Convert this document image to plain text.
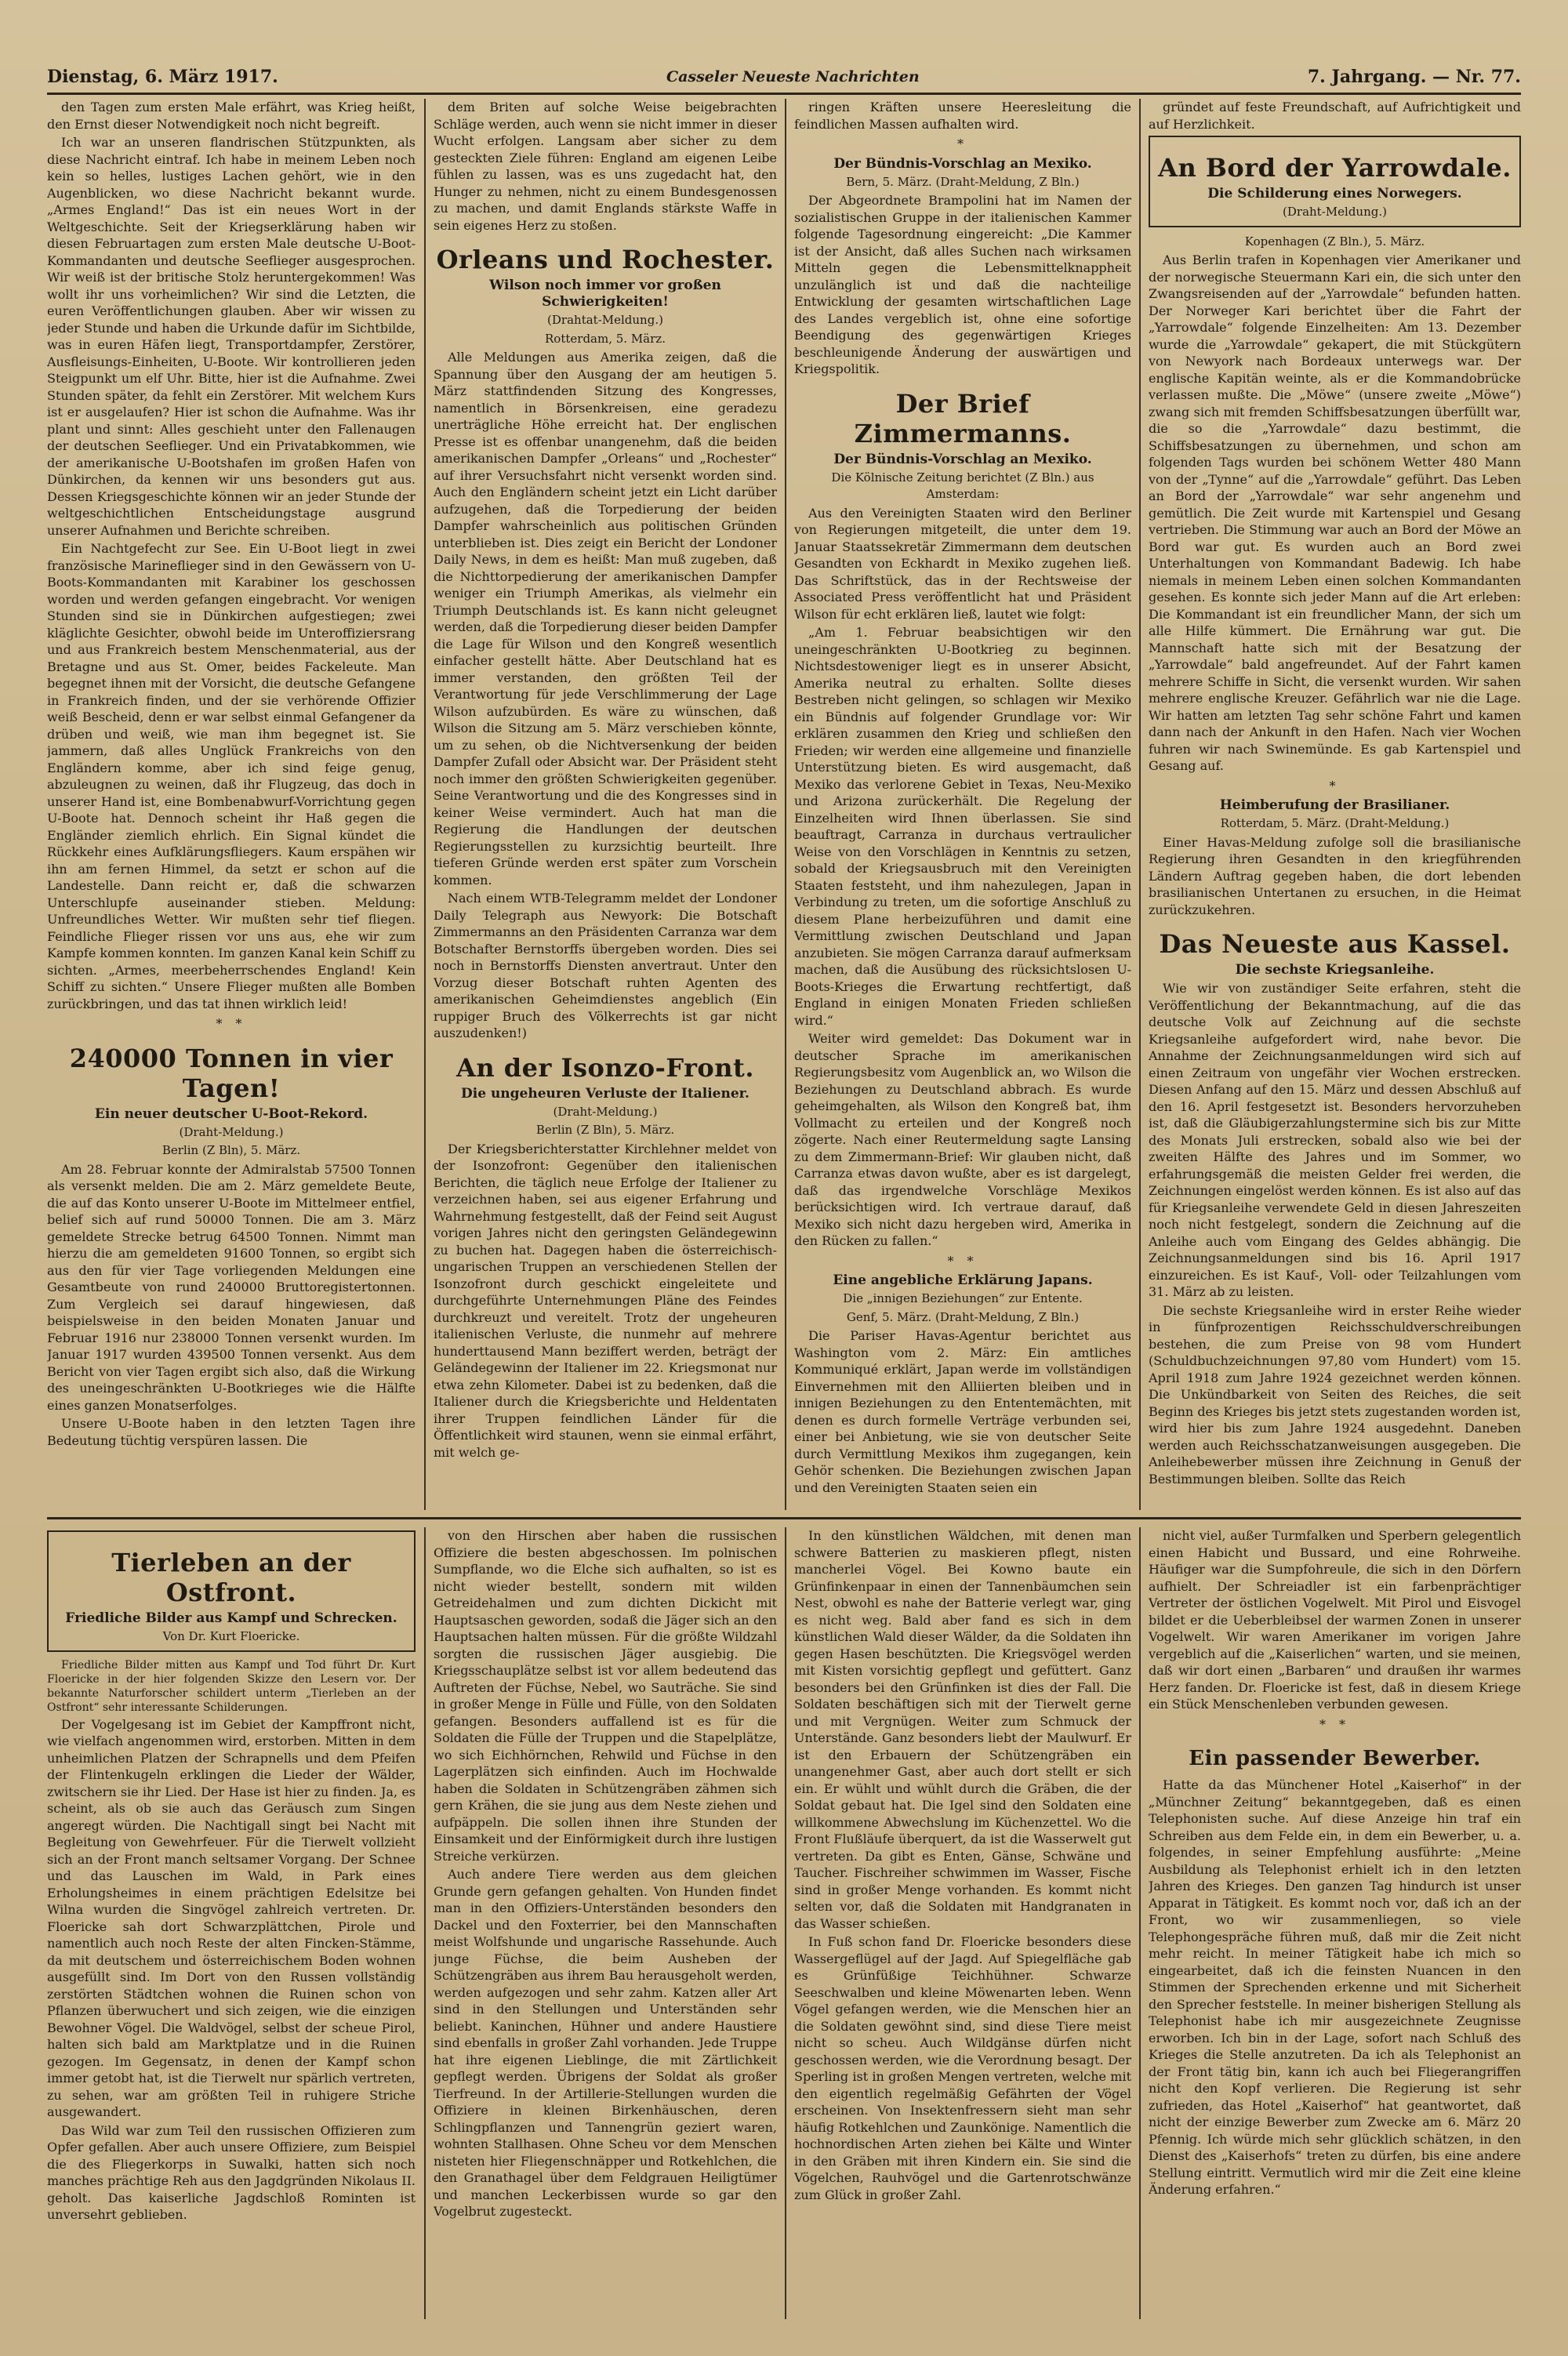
Dienstag, 6. März 1917.	Casseler Neueste Nachrichten	7. Jahrgang. — Nr. 77.

den Tagen zum ersten Male erfährt, was Krieg heißt, den Ernst dieser Notwendigkeit noch nicht begreift.

Ich war an unseren flandrischen Stützpunkten, als diese Nachricht eintraf. Ich habe in meinem Leben noch kein so helles, lustiges Lachen gehört, wie in den Augenblicken, wo diese Nachricht bekannt wurde. „Armes England!“ Das ist ein neues Wort in der Weltgeschichte. Seit der Kriegserklärung haben wir diesen Februartagen zum ersten Male deutsche U-Boot-Kommandanten und deutsche Seeflieger ausgesprochen. Wir weiß ist der britische Stolz heruntergekommen! Was wollt ihr uns vorheimlichen? Wir sind die Letzten, die euren Veröffentlichungen glauben. Aber wir wissen zu jeder Stunde und haben die Urkunde dafür im Sichtbilde, was in euren Häfen liegt, Transportdampfer, Zerstörer, Ausfleisungs-Einheiten, U-Boote. Wir kontrollieren jeden Steigpunkt um elf Uhr. Bitte, hier ist die Aufnahme. Zwei Stunden später, da fehlt ein Zerstörer. Mit welchem Kurs ist er ausgelaufen? Hier ist schon die Aufnahme. Was ihr plant und sinnt: Alles geschieht unter den Fallenaugen der deutschen Seeflieger. Und ein Privatabkommen, wie der amerikanische U-Bootshafen im großen Hafen von Dünkirchen, da kennen wir uns besonders gut aus. Dessen Kriegsgeschichte können wir an jeder Stunde der weltgeschichtlichen Entscheidungstage ausgrund unserer Aufnahmen und Berichte schreiben.

Ein Nachtgefecht zur See. Ein U-Boot liegt in zwei französische Marineflieger sind in den Gewässern von U-Boots-Kommandanten mit Karabiner los geschossen worden und werden gefangen eingebracht. Vor wenigen Stunden sind sie in Dünkirchen aufgestiegen; zwei kläglichte Gesichter, obwohl beide im Unteroffiziersrang und aus Frankreich bestem Menschenmaterial, aus der Bretagne und aus St. Omer, beides Fackeleute. Man begegnet ihnen mit der Vorsicht, die deutsche Gefangene in Frankreich finden, und der sie verhörende Offizier weiß Bescheid, denn er war selbst einmal Gefangener da drüben und weiß, wie man ihm begegnet ist. Sie jammern, daß alles Unglück Frankreichs von den Engländern komme, aber ich sind feige genug, abzuleugnen zu weinen, daß ihr Flugzeug, das doch in unserer Hand ist, eine Bombenabwurf-Vorrichtung gegen U-Boote hat. Dennoch scheint ihr Haß gegen die Engländer ziemlich ehrlich. Ein Signal kündet die Rückkehr eines Aufklärungsfliegers. Kaum erspähen wir ihn am fernen Himmel, da setzt er schon auf die Landestelle. Dann reicht er, daß die schwarzen Unterschlupfe auseinander stieben. Meldung: Unfreundliches Wetter. Wir mußten sehr tief fliegen. Feindliche Flieger rissen vor uns aus, ehe wir zum Kampfe kommen konnten. Im ganzen Kanal kein Schiff zu sichten. „Armes, meerbeherrschendes England! Kein Schiff zu sichten.“ Unsere Flieger mußten alle Bomben zurückbringen, und das tat ihnen wirklich leid!

* *
240000 Tonnen in vier Tagen!
Ein neuer deutscher U-Boot-Rekord.
(Draht-Meldung.)
Berlin (Z Bln), 5. März.

Am 28. Februar konnte der Admiralstab 57500 Tonnen als versenkt melden. Die am 2. März gemeldete Beute, die auf das Konto unserer U-Boote im Mittelmeer entfiel, belief sich auf rund 50000 Tonnen. Die am 3. März gemeldete Strecke betrug 64500 Tonnen. Nimmt man hierzu die am gemeldeten 91600 Tonnen, so ergibt sich aus den für vier Tage vorliegenden Meldungen eine Gesamtbeute von rund 240000 Bruttoregistertonnen. Zum Vergleich sei darauf hingewiesen, daß beispielsweise in den beiden Monaten Januar und Februar 1916 nur 238000 Tonnen versenkt wurden. Im Januar 1917 wurden 439500 Tonnen versenkt. Aus dem Bericht von vier Tagen ergibt sich also, daß die Wirkung des uneingeschränkten U-Bootkrieges wie die Hälfte eines ganzen Monatserfolges.

Unsere U-Boote haben in den letzten Tagen ihre Bedeutung tüchtig verspüren lassen. Die

dem Briten auf solche Weise beigebrachten Schläge werden, auch wenn sie nicht immer in dieser Wucht erfolgen. Langsam aber sicher zu dem gesteckten Ziele führen: England am eigenen Leibe fühlen zu lassen, was es uns zugedacht hat, den Hunger zu nehmen, nicht zu einem Bundesgenossen zu machen, und damit Englands stärkste Waffe in sein eigenes Herz zu stoßen.

Orleans und Rochester.
Wilson noch immer vor großen Schwierigkeiten!
(Drahtat-Meldung.)
Rotterdam, 5. März.

Alle Meldungen aus Amerika zeigen, daß die Spannung über den Ausgang der am heutigen 5. März stattfindenden Sitzung des Kongresses, namentlich in Börsenkreisen, eine geradezu unerträgliche Höhe erreicht hat. Der englischen Presse ist es offenbar unangenehm, daß die beiden amerikanischen Dampfer „Orleans“ und „Rochester“ auf ihrer Versuchsfahrt nicht versenkt worden sind. Auch den Engländern scheint jetzt ein Licht darüber aufzugehen, daß die Torpedierung der beiden Dampfer wahrscheinlich aus politischen Gründen unterblieben ist. Dies zeigt ein Bericht der Londoner Daily News, in dem es heißt: Man muß zugeben, daß die Nichttorpedierung der amerikanischen Dampfer weniger ein Triumph Amerikas, als vielmehr ein Triumph Deutschlands ist. Es kann nicht geleugnet werden, daß die Torpedierung dieser beiden Dampfer die Lage für Wilson und den Kongreß wesentlich einfacher gestellt hätte. Aber Deutschland hat es immer verstanden, den größten Teil der Verantwortung für jede Verschlimmerung der Lage Wilson aufzubürden. Es wäre zu wünschen, daß Wilson die Sitzung am 5. März verschieben könnte, um zu sehen, ob die Nichtversenkung der beiden Dampfer Zufall oder Absicht war. Der Präsident steht noch immer den größten Schwierigkeiten gegenüber. Seine Verantwortung und die des Kongresses sind in keiner Weise vermindert. Auch hat man die Regierung die Handlungen der deutschen Regierungsstellen zu kurzsichtig beurteilt. Ihre tieferen Gründe werden erst später zum Vorschein kommen.

Nach einem WTB-Telegramm meldet der Londoner Daily Telegraph aus Newyork: Die Botschaft Zimmermanns an den Präsidenten Carranza war dem Botschafter Bernstorffs übergeben worden. Dies sei noch in Bernstorffs Diensten anvertraut. Unter den Vorzug dieser Botschaft ruhten Agenten des amerikanischen Geheimdienstes angeblich (Ein ruppiger Bruch des Völkerrechts ist gar nicht auszudenken!)

An der Isonzo-Front.
Die ungeheuren Verluste der Italiener.
(Draht-Meldung.)
Berlin (Z Bln), 5. März.

Der Kriegsberichterstatter Kirchlehner meldet von der Isonzofront: Gegenüber den italienischen Berichten, die täglich neue Erfolge der Italiener zu verzeichnen haben, sei aus eigener Erfahrung und Wahrnehmung festgestellt, daß der Feind seit August vorigen Jahres nicht den geringsten Geländegewinn zu buchen hat. Dagegen haben die österreichisch-ungarischen Truppen an verschiedenen Stellen der Isonzofront durch geschickt eingeleitete und durchgeführte Unternehmungen Pläne des Feindes durchkreuzt und vereitelt. Trotz der ungeheuren italienischen Verluste, die nunmehr auf mehrere hunderttausend Mann beziffert werden, beträgt der Geländegewinn der Italiener im 22. Kriegsmonat nur etwa zehn Kilometer. Dabei ist zu bedenken, daß die Italiener durch die Kriegsberichte und Heldentaten ihrer Truppen feindlichen Länder für die Öffentlichkeit wird staunen, wenn sie einmal erfährt, mit welch ge-

ringen Kräften unsere Heeresleitung die feindlichen Massen aufhalten wird.

*
Der Bündnis-Vorschlag an Mexiko.
Bern, 5. März. (Draht-Meldung, Z Bln.)

Der Abgeordnete Brampolini hat im Namen der sozialistischen Gruppe in der italienischen Kammer folgende Tagesordnung eingereicht: „Die Kammer ist der Ansicht, daß alles Suchen nach wirksamen Mitteln gegen die Lebensmittelknappheit unzulänglich ist und daß die nachteilige Entwicklung der gesamten wirtschaftlichen Lage des Landes vergeblich ist, ohne eine sofortige Beendigung des gegenwärtigen Krieges beschleunigende Änderung der auswärtigen und Kriegspolitik.

Der Brief Zimmermanns.
Der Bündnis-Vorschlag an Mexiko.
Die Kölnische Zeitung berichtet (Z Bln.) aus Amsterdam:

Aus den Vereinigten Staaten wird den Berliner von Regierungen mitgeteilt, die unter dem 19. Januar Staatssekretär Zimmermann dem deutschen Gesandten von Eckhardt in Mexiko zugehen ließ. Das Schriftstück, das in der Rechtsweise der Associated Press veröffentlicht hat und Präsident Wilson für echt erklären ließ, lautet wie folgt:

„Am 1. Februar beabsichtigen wir den uneingeschränkten U-Bootkrieg zu beginnen. Nichtsdestoweniger liegt es in unserer Absicht, Amerika neutral zu erhalten. Sollte dieses Bestreben nicht gelingen, so schlagen wir Mexiko ein Bündnis auf folgender Grundlage vor: Wir erklären zusammen den Krieg und schließen den Frieden; wir werden eine allgemeine und finanzielle Unterstützung bieten. Es wird ausgemacht, daß Mexiko das verlorene Gebiet in Texas, Neu-Mexiko und Arizona zurückerhält. Die Regelung der Einzelheiten wird Ihnen überlassen. Sie sind beauftragt, Carranza in durchaus vertraulicher Weise von den Vorschlägen in Kenntnis zu setzen, sobald der Kriegsausbruch mit den Vereinigten Staaten feststeht, und ihm nahezulegen, Japan in Verbindung zu treten, um die sofortige Anschluß zu diesem Plane herbeizuführen und damit eine Vermittlung zwischen Deutschland und Japan anzubieten. Sie mögen Carranza darauf aufmerksam machen, daß die Ausübung des rücksichtslosen U-Boots-Krieges die Erwartung rechtfertigt, daß England in einigen Monaten Frieden schließen wird.“

Weiter wird gemeldet: Das Dokument war in deutscher Sprache im amerikanischen Regierungsbesitz vom Augenblick an, wo Wilson die Beziehungen zu Deutschland abbrach. Es wurde geheimgehalten, als Wilson den Kongreß bat, ihm Vollmacht zu erteilen und der Kongreß noch zögerte. Nach einer Reutermeldung sagte Lansing zu dem Zimmermann-Brief: Wir glauben nicht, daß Carranza etwas davon wußte, aber es ist dargelegt, daß das irgendwelche Vorschläge Mexikos berücksichtigen wird. Ich vertraue darauf, daß Mexiko sich nicht dazu hergeben wird, Amerika in den Rücken zu fallen.“

* *
Eine angebliche Erklärung Japans.
Die „innigen Beziehungen“ zur Entente.
Genf, 5. März. (Draht-Meldung, Z Bln.)

Die Pariser Havas-Agentur berichtet aus Washington vom 2. März: Ein amtliches Kommuniqué erklärt, Japan werde im vollständigen Einvernehmen mit den Alliierten bleiben und in innigen Beziehungen zu den Ententemächten, mit denen es durch formelle Verträge verbunden sei, einer bei Anbietung, wie sie von deutscher Seite durch Vermittlung Mexikos ihm zugegangen, kein Gehör schenken. Die Beziehungen zwischen Japan und den Vereinigten Staaten seien ein

gründet auf feste Freundschaft, auf Aufrichtigkeit und auf Herzlichkeit.

An Bord der Yarrowdale.
Die Schilderung eines Norwegers.
(Draht-Meldung.)
Kopenhagen (Z Bln.), 5. März.

Aus Berlin trafen in Kopenhagen vier Amerikaner und der norwegische Steuermann Kari ein, die sich unter den Zwangsreisenden auf der „Yarrowdale“ befunden hatten. Der Norweger Kari berichtet über die Fahrt der „Yarrowdale“ folgende Einzelheiten: Am 13. Dezember wurde die „Yarrowdale“ gekapert, die mit Stückgütern von Newyork nach Bordeaux unterwegs war. Der englische Kapitän weinte, als er die Kommandobrücke verlassen mußte. Die „Möwe“ (unsere zweite „Möwe“) zwang sich mit fremden Schiffsbesatzungen überfüllt war, die so die „Yarrowdale“ dazu bestimmt, die Schiffsbesatzungen zu übernehmen, und schon am folgenden Tags wurden bei schönem Wetter 480 Mann von der „Tynne“ auf die „Yarrowdale“ geführt. Das Leben an Bord der „Yarrowdale“ war sehr angenehm und gemütlich. Die Zeit wurde mit Kartenspiel und Gesang vertrieben. Die Stimmung war auch an Bord der Möwe an Bord war gut. Es wurden auch an Bord zwei Unterhaltungen von Kommandant Badewig. Ich habe niemals in meinem Leben einen solchen Kommandanten gesehen. Es konnte sich jeder Mann auf die Art erleben: Die Kommandant ist ein freundlicher Mann, der sich um alle Hilfe kümmert. Die Ernährung war gut. Die Mannschaft hatte sich mit der Besatzung der „Yarrowdale“ bald angefreundet. Auf der Fahrt kamen mehrere Schiffe in Sicht, die versenkt wurden. Wir sahen mehrere englische Kreuzer. Gefährlich war nie die Lage. Wir hatten am letzten Tag sehr schöne Fahrt und kamen dann nach der Ankunft in den Hafen. Nach vier Wochen fuhren wir nach Swinemünde. Es gab Kartenspiel und Gesang auf.

*
Heimberufung der Brasilianer.
Rotterdam, 5. März. (Draht-Meldung.)

Einer Havas-Meldung zufolge soll die brasilianische Regierung ihren Gesandten in den kriegführenden Ländern Auftrag gegeben haben, die dort lebenden brasilianischen Untertanen zu ersuchen, in die Heimat zurückzukehren.

Das Neueste aus Kassel.
Die sechste Kriegsanleihe.

Wie wir von zuständiger Seite erfahren, steht die Veröffentlichung der Bekanntmachung, auf die das deutsche Volk auf Zeichnung auf die sechste Kriegsanleihe aufgefordert wird, nahe bevor. Die Annahme der Zeichnungsanmeldungen wird sich auf einen Zeitraum von ungefähr vier Wochen erstrecken. Diesen Anfang auf den 15. März und dessen Abschluß auf den 16. April festgesetzt ist. Besonders hervorzuheben ist, daß die Gläubigerzahlungstermine sich bis zur Mitte des Monats Juli erstrecken, sobald also wie bei der zweiten Hälfte des Jahres und im Sommer, wo erfahrungsgemäß die meisten Gelder frei werden, die Zeichnungen eingelöst werden können. Es ist also auf das für Kriegsanleihe verwendete Geld in diesen Jahreszeiten noch nicht festgelegt, sondern die Zeichnung auf die Anleihe auch vom Eingang des Geldes abhängig. Die Zeichnungsanmeldungen sind bis 16. April 1917 einzureichen. Es ist Kauf-, Voll- oder Teilzahlungen vom 31. März ab zu leisten.

Die sechste Kriegsanleihe wird in erster Reihe wieder in fünfprozentigen Reichsschuldverschreibungen bestehen, die zum Preise von 98 vom Hundert (Schuldbuchzeichnungen 97,80 vom Hundert) vom 15. April 1918 zum Jahre 1924 gezeichnet werden können. Die Unkündbarkeit von Seiten des Reiches, die seit Beginn des Krieges bis jetzt stets zugestanden worden ist, wird hier bis zum Jahre 1924 ausgedehnt. Daneben werden auch Reichsschatzanweisungen ausgegeben. Die Anleihebewerber müssen ihre Zeichnung in Genuß der Bestimmungen bleiben. Sollte das Reich

Tierleben an der Ostfront.
Friedliche Bilder aus Kampf und Schrecken.
Von Dr. Kurt Floericke.

Friedliche Bilder mitten aus Kampf und Tod führt Dr. Kurt Floericke in der hier folgenden Skizze den Lesern vor. Der bekannte Naturforscher schildert unterm „Tierleben an der Ostfront“ sehr interessante Schilderungen.

Der Vogelgesang ist im Gebiet der Kampffront nicht, wie vielfach angenommen wird, erstorben. Mitten in dem unheimlichen Platzen der Schrapnells und dem Pfeifen der Flintenkugeln erklingen die Lieder der Wälder, zwitschern sie ihr Lied. Der Hase ist hier zu finden. Ja, es scheint, als ob sie auch das Geräusch zum Singen angeregt würden. Die Nachtigall singt bei Nacht mit Begleitung von Gewehrfeuer. Für die Tierwelt vollzieht sich an der Front manch seltsamer Vorgang. Der Schnee und das Lauschen im Wald, in Park eines Erholungsheimes in einem prächtigen Edelsitze bei Wilna wurden die Singvögel zahlreich vertreten. Dr. Floericke sah dort Schwarzplättchen, Pirole und namentlich auch noch Reste der alten Fincken-Stämme, da mit deutschem und österreichischem Boden wohnen ausgefüllt sind. Im Dort von den Russen vollständig zerstörten Städtchen wohnen die Ruinen schon von Pflanzen überwuchert und sich zeigen, wie die einzigen Bewohner Vögel. Die Waldvögel, selbst der scheue Pirol, halten sich bald am Marktplatze und in die Ruinen gezogen. Im Gegensatz, in denen der Kampf schon immer getobt hat, ist die Tierwelt nur spärlich vertreten, zu sehen, war am größten Teil in ruhigere Striche ausgewandert.

Das Wild war zum Teil den russischen Offizieren zum Opfer gefallen. Aber auch unsere Offiziere, zum Beispiel die des Fliegerkorps in Suwalki, hatten sich noch manches prächtige Reh aus den Jagdgründen Nikolaus II. geholt. Das kaiserliche Jagdschloß Rominten ist unversehrt geblieben.

von den Hirschen aber haben die russischen Offiziere die besten abgeschossen. Im polnischen Sumpflande, wo die Elche sich aufhalten, so ist es nicht wieder bestellt, sondern mit wilden Getreidehalmen und zum dichten Dickicht mit Hauptsaschen geworden, sodaß die Jäger sich an den Hauptsachen halten müssen. Für die größte Wildzahl sorgten die russischen Jäger ausgiebig. Die Kriegsschauplätze selbst ist vor allem bedeutend das Auftreten der Füchse, Nebel, wo Sauträche. Sie sind in großer Menge in Fülle und Fülle, von den Soldaten gefangen. Besonders auffallend ist es für die Soldaten die Fülle der Truppen und die Stapelplätze, wo sich Eichhörnchen, Rehwild und Füchse in den Lagerplätzen sich einfinden. Auch im Hochwalde haben die Soldaten in Schützengräben zähmen sich gern Krähen, die sie jung aus dem Neste ziehen und aufpäppeln. Die sollen ihnen ihre Stunden der Einsamkeit und der Einförmigkeit durch ihre lustigen Streiche verkürzen.

Auch andere Tiere werden aus dem gleichen Grunde gern gefangen gehalten. Von Hunden findet man in den Offiziers-Unterständen besonders den Dackel und den Foxterrier, bei den Mannschaften meist Wolfshunde und ungarische Rassehunde. Auch junge Füchse, die beim Ausheben der Schützengräben aus ihrem Bau herausgeholt werden, werden aufgezogen und sehr zahm. Katzen aller Art sind in den Stellungen und Unterständen sehr beliebt. Kaninchen, Hühner und andere Haustiere sind ebenfalls in großer Zahl vorhanden. Jede Truppe hat ihre eigenen Lieblinge, die mit Zärtlichkeit gepflegt werden. Übrigens der Soldat als großer Tierfreund. In der Artillerie-Stellungen wurden die Offiziere in kleinen Birkenhäuschen, deren Schlingpflanzen und Tannengrün geziert waren, wohnten Stallhasen. Ohne Scheu vor dem Menschen nisteten hier Fliegenschnäpper und Rotkehlchen, die den Granathagel über dem Feldgrauen Heiligtümer und manchen Leckerbissen wurde so gar den Vogelbrut zugesteckt.

In den künstlichen Wäldchen, mit denen man schwere Batterien zu maskieren pflegt, nisten mancherlei Vögel. Bei Kowno baute ein Grünfinkenpaar in einen der Tannenbäumchen sein Nest, obwohl es nahe der Batterie verlegt war, ging es nicht weg. Bald aber fand es sich in dem künstlichen Wald dieser Wälder, da die Soldaten ihn gegen Hasen beschützten. Die Kriegsvögel werden mit Kisten vorsichtig gepflegt und gefüttert. Ganz besonders bei den Grünfinken ist dies der Fall. Die Soldaten beschäftigen sich mit der Tierwelt gerne und mit Vergnügen. Weiter zum Schmuck der Unterstände. Ganz besonders liebt der Maulwurf. Er ist den Erbauern der Schützengräben ein unangenehmer Gast, aber auch dort stellt er sich ein. Er wühlt und wühlt durch die Gräben, die der Soldat gebaut hat. Die Igel sind den Soldaten eine willkommene Abwechslung im Küchenzettel. Wo die Front Flußläufe überquert, da ist die Wasserwelt gut vertreten. Da gibt es Enten, Gänse, Schwäne und Taucher. Fischreiher schwimmen im Wasser, Fische sind in großer Menge vorhanden. Es kommt nicht selten vor, daß die Soldaten mit Handgranaten in das Wasser schießen.

In Fuß schon fand Dr. Floericke besonders diese Wassergeflügel auf der Jagd. Auf Spiegelfläche gab es Grünfüßige Teichhühner. Schwarze Seeschwalben und kleine Möwenarten leben. Wenn Vögel gefangen werden, wie die Menschen hier an die Soldaten gewöhnt sind, sind diese Tiere meist nicht so scheu. Auch Wildgänse dürfen nicht geschossen werden, wie die Verordnung besagt. Der Sperling ist in großen Mengen vertreten, welche mit den eigentlich regelmäßig Gefährten der Vögel erscheinen. Von Insektenfressern sieht man sehr häufig Rotkehlchen und Zaunkönige. Namentlich die hochnordischen Arten ziehen bei Kälte und Winter in den Gräben mit ihren Kindern ein. Sie sind die Vögelchen, Rauhvögel und die Gartenrotschwänze zum Glück in großer Zahl.

nicht viel, außer Turmfalken und Sperbern gelegentlich einen Habicht und Bussard, und eine Rohrweihe. Häufiger war die Sumpfohreule, die sich in den Dörfern aufhielt. Der Schreiadler ist ein farbenprächtiger Vertreter der östlichen Vogelwelt. Mit Pirol und Eisvogel bildet er die Ueberbleibsel der warmen Zonen in unserer Vogelwelt. Wir waren Amerikaner im vorigen Jahre vergeblich auf die „Kaiserlichen“ warten, und sie meinen, daß wir dort einen „Barbaren“ und draußen ihr warmes Herz fanden. Dr. Floericke ist fest, daß in diesem Kriege ein Stück Menschenleben verbunden gewesen.

* *
Ein passender Bewerber.

Hatte da das Münchener Hotel „Kaiserhof“ in der „Münchner Zeitung“ bekanntgegeben, daß es einen Telephonisten suche. Auf diese Anzeige hin traf ein Schreiben aus dem Felde ein, in dem ein Bewerber, u. a. folgendes, in seiner Empfehlung ausführte: „Meine Ausbildung als Telephonist erhielt ich in den letzten Jahren des Krieges. Den ganzen Tag hindurch ist unser Apparat in Tätigkeit. Es kommt noch vor, daß ich an der Front, wo wir zusammenliegen, so viele Telephongespräche führen muß, daß mir die Zeit nicht mehr reicht. In meiner Tätigkeit habe ich mich so eingearbeitet, daß ich die feinsten Nuancen in den Stimmen der Sprechenden erkenne und mit Sicherheit den Sprecher feststelle. In meiner bisherigen Stellung als Telephonist habe ich mir ausgezeichnete Zeugnisse erworben. Ich bin in der Lage, sofort nach Schluß des Krieges die Stelle anzutreten. Da ich als Telephonist an der Front tätig bin, kann ich auch bei Fliegerangriffen nicht den Kopf verlieren. Die Regierung ist sehr zufrieden, das Hotel „Kaiserhof“ hat geantwortet, daß nicht der einzige Bewerber zum Zwecke am 6. März 20 Pfennig. Ich würde mich sehr glücklich schätzen, in den Dienst des „Kaiserhofs“ treten zu dürfen, bis eine andere Stellung eintritt. Vermutlich wird mir die Zeit eine kleine Änderung erfahren.“
